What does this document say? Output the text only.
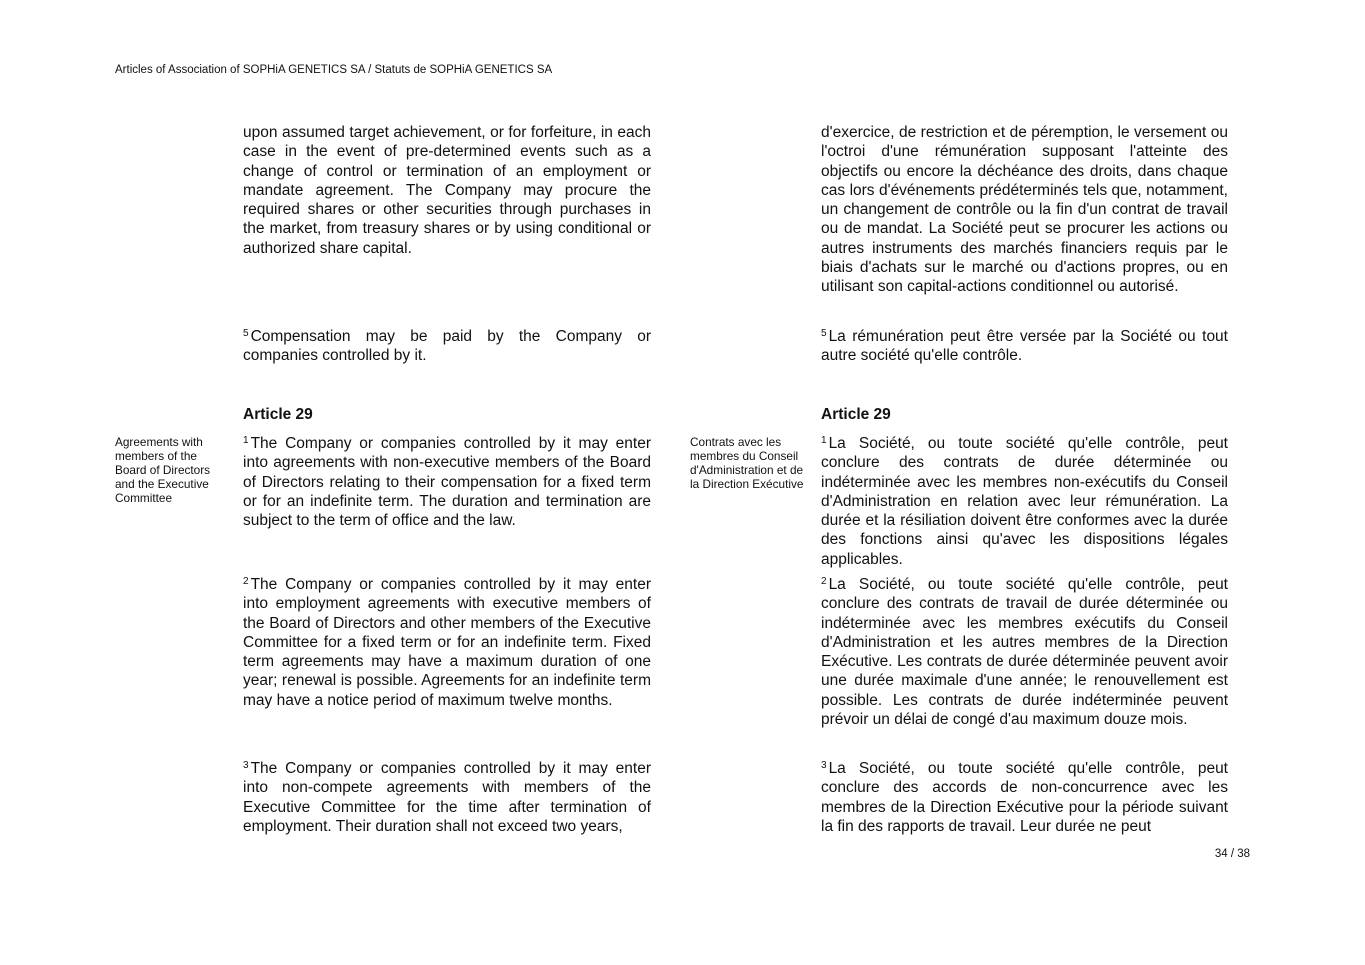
Articles of Association of SOPHiA GENETICS SA / Statuts de SOPHiA GENETICS SA

upon assumed target achievement, or for forfeiture, in each case in the event of pre-determined events such as a change of control or termination of an employment or mandate agreement. The Company may procure the required shares or other securities through purchases in the market, from treasury shares or by using conditional or authorized share capital.

$^5$ Compensation may be paid by the Company or companies controlled by it.

Article 29

Agreements with members of the Board of Directors and the Executive Committee

$^1$ The Company or companies controlled by it may enter into agreements with non-executive members of the Board of Directors relating to their compensation for a fixed term or for an indefinite term. The duration and termination are subject to the term of office and the law.

$^2$ The Company or companies controlled by it may enter into employment agreements with executive members of the Board of Directors and other members of the Executive Committee for a fixed term or for an indefinite term. Fixed term agreements may have a maximum duration of one year; renewal is possible. Agreements for an indefinite term may have a notice period of maximum twelve months.

$^3$ The Company or companies controlled by it may enter into non-compete agreements with members of the Executive Committee for the time after termination of employment. Their duration shall not exceed two years,

d'exercice, de restriction et de péremption, le versement ou l'octroi d'une rémunération supposant l'atteinte des objectifs ou encore la déchéance des droits, dans chaque cas lors d'événements prédéterminés tels que, notamment, un changement de contrôle ou la fin d'un contrat de travail ou de mandat. La Société peut se procurer les actions ou autres instruments des marchés financiers requis par le biais d'achats sur le marché ou d'actions propres, ou en utilisant son capital-actions conditionnel ou autorisé.

$^5$ La rémunération peut être versée par la Société ou tout autre société qu'elle contrôle.

Article 29

Contrats avec les membres du Conseil d'Administration et de la Direction Exécutive

$^1$ La Société, ou toute société qu'elle contrôle, peut conclure des contrats de durée déterminée ou indéterminée avec les membres non-exécutifs du Conseil d'Administration en relation avec leur rémunération. La durée et la résiliation doivent être conformes avec la durée des fonctions ainsi qu'avec les dispositions légales applicables.

$^2$ La Société, ou toute société qu'elle contrôle, peut conclure des contrats de travail de durée déterminée ou indéterminée avec les membres exécutifs du Conseil d'Administration et les autres membres de la Direction Exécutive. Les contrats de durée déterminée peuvent avoir une durée maximale d'une année; le renouvellement est possible. Les contrats de durée indéterminée peuvent prévoir un délai de congé d'au maximum douze mois.

$^3$ La Société, ou toute société qu'elle contrôle, peut conclure des accords de non-concurrence avec les membres de la Direction Exécutive pour la période suivant la fin des rapports de travail. Leur durée ne peut

34 / 38
